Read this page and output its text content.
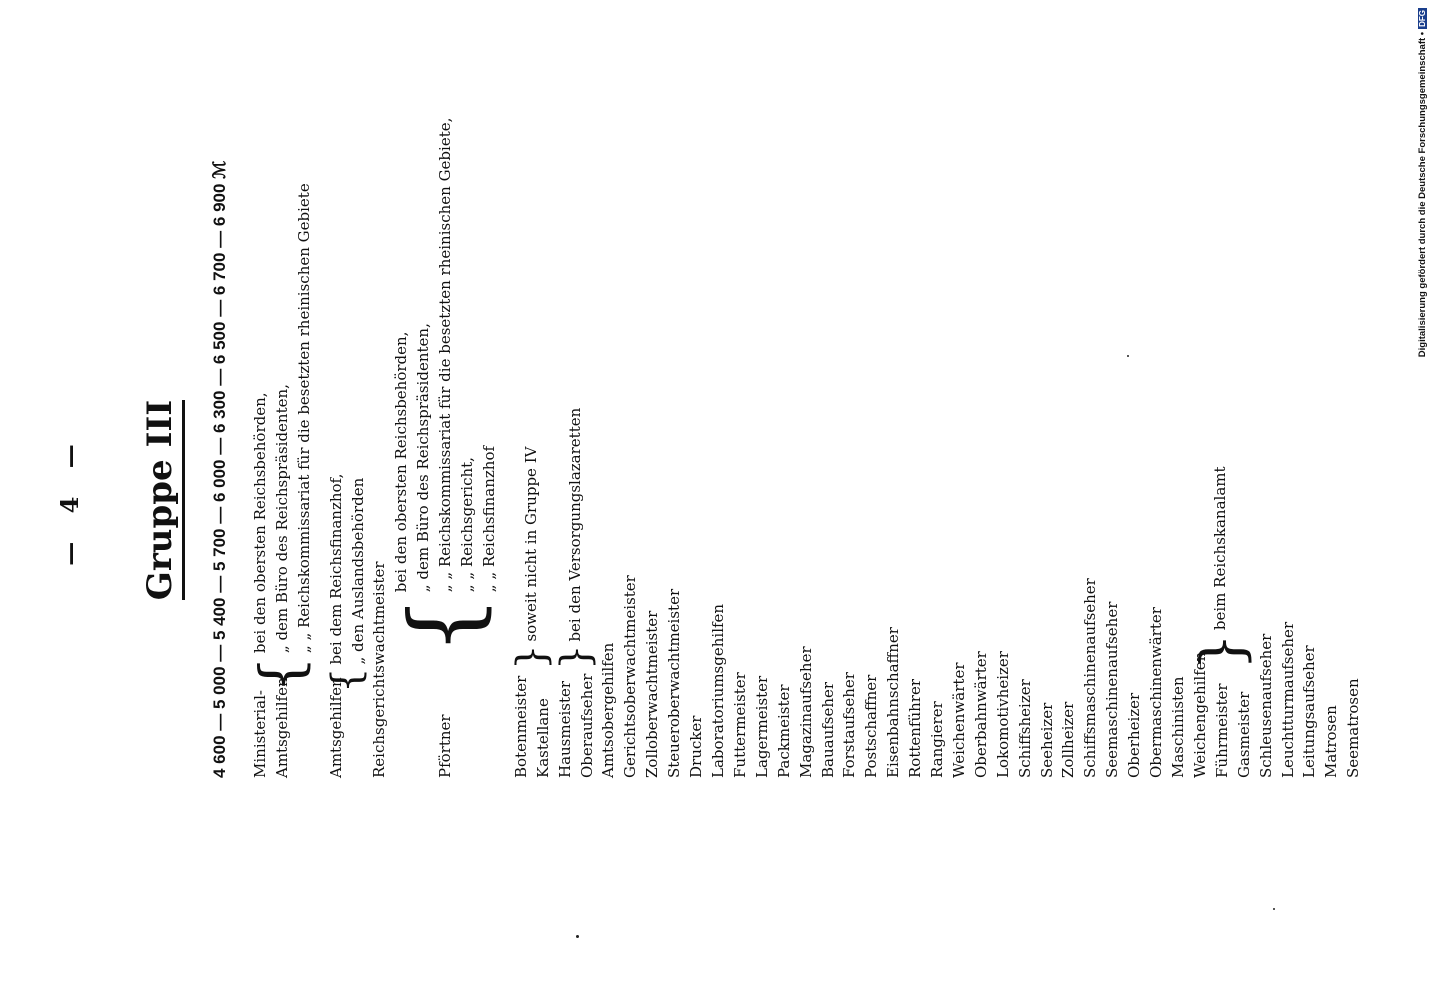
— 4 — Gruppe III 4 600 — 5 000 — 5 400 — 5 700 — 6 000 — 6 300 — 6 500 — 6 700 — 6 900 ℳ Ministerial- Amtsgehilfen
{
bei den obersten Reichsbehörden, „ dem Büro des Reichspräsidenten, „ „ Reichskommissariat für die besetzten rheinischen Gebiete
Amtsgehilfen
{
bei dem Reichsfinanzhof, „ den Auslandsbehörden Reichsgerichtswachtmeister	Pförtner
{
bei den obersten Reichsbehörden, „ dem Büro des Reichspräsidenten, „ „ Reichskommissariat für die besetzten rheinischen Gebiete, „ „ Reichsgericht, „ „ Reichsfinanzhof
Botenmeister Kastellane
}
soweit nicht in Gruppe IV
Hausmeister Oberaufseher
}
bei den Versorgungslazaretten
Amtsobergehilfen Gerichtsoberwachtmeister Zolloberwachtmeister Steueroberwachtmeister Drucker Laboratoriumsgehilfen Futtermeister Lagermeister Packmeister Magazinaufseher Bauaufseher Forstaufseher Postschaffner Eisenbahnschaffner Rottenführer Rangierer Weichenwärter Oberbahnwärter Lokomotivheizer Schiffsheizer Seeheizer Zollheizer Schiffsmaschinenaufseher Seemaschinenaufseher Oberheizer Obermaschinenwärter Maschinisten Weichengehilfen Führmeister Gasmeister
}
beim Reichskanalamt
Schleusenaufseher Leuchtturmaufseher Leitungsaufseher Matrosen Seematrosen
Digitalisierung gefördert durch die Deutsche Forschungsgemeinschaft •DFG
